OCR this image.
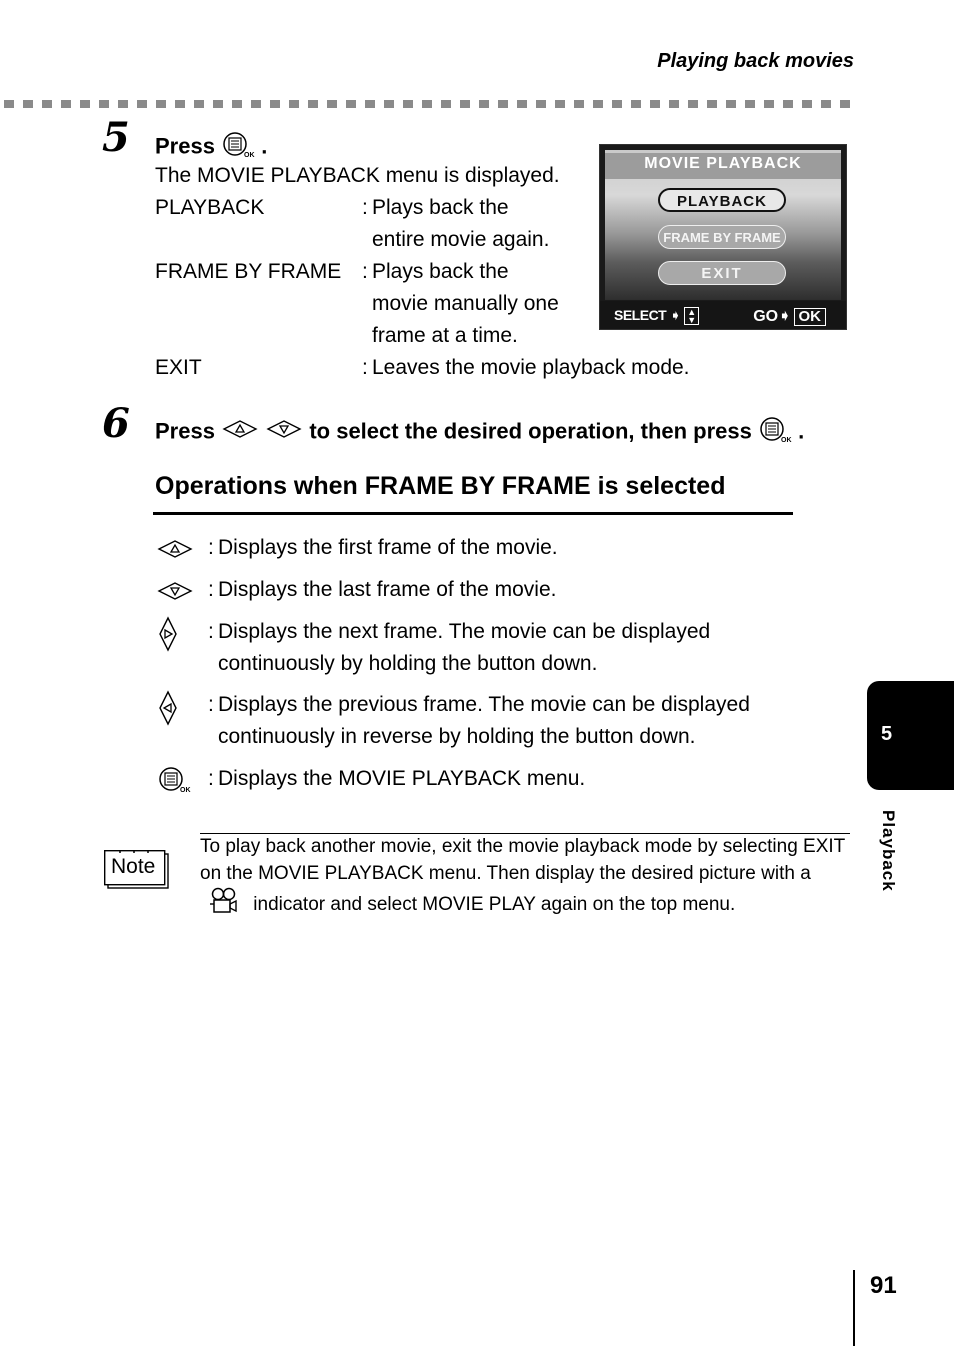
Playing back movies
5 Press	OK .
The MOVIE PLAYBACK menu is displayed.
PLAYBACK	: Plays back the
entire movie again.
FRAME BY FRAME : Plays back the
movie manually one
frame at a time.
EXIT	: Leaves the movie playback mode.
MOVIE PLAYBACK
PLAYBACK
FRAME BY FRAME
EXIT
SELECT ➧ ▲
▼	GO➧ OK
6 Press	to select the desired operation, then press	OK .
Operations when FRAME BY FRAME is selected
: Displays the first frame of the movie.
: Displays the last frame of the movie.
: Displays the next frame. The movie can be displayed
continuously by holding the button down.
: Displays the previous frame. The movie can be displayed
continuously in reverse by holding the button down.
OK
: Displays the MOVIE PLAYBACK menu.
Note
To play back another movie, exit the movie playback mode by selecting EXIT on the MOVIE PLAYBACK menu. Then display the desired picture with a  indicator and select MOVIE PLAY again on the top menu.
5
Playback
91
